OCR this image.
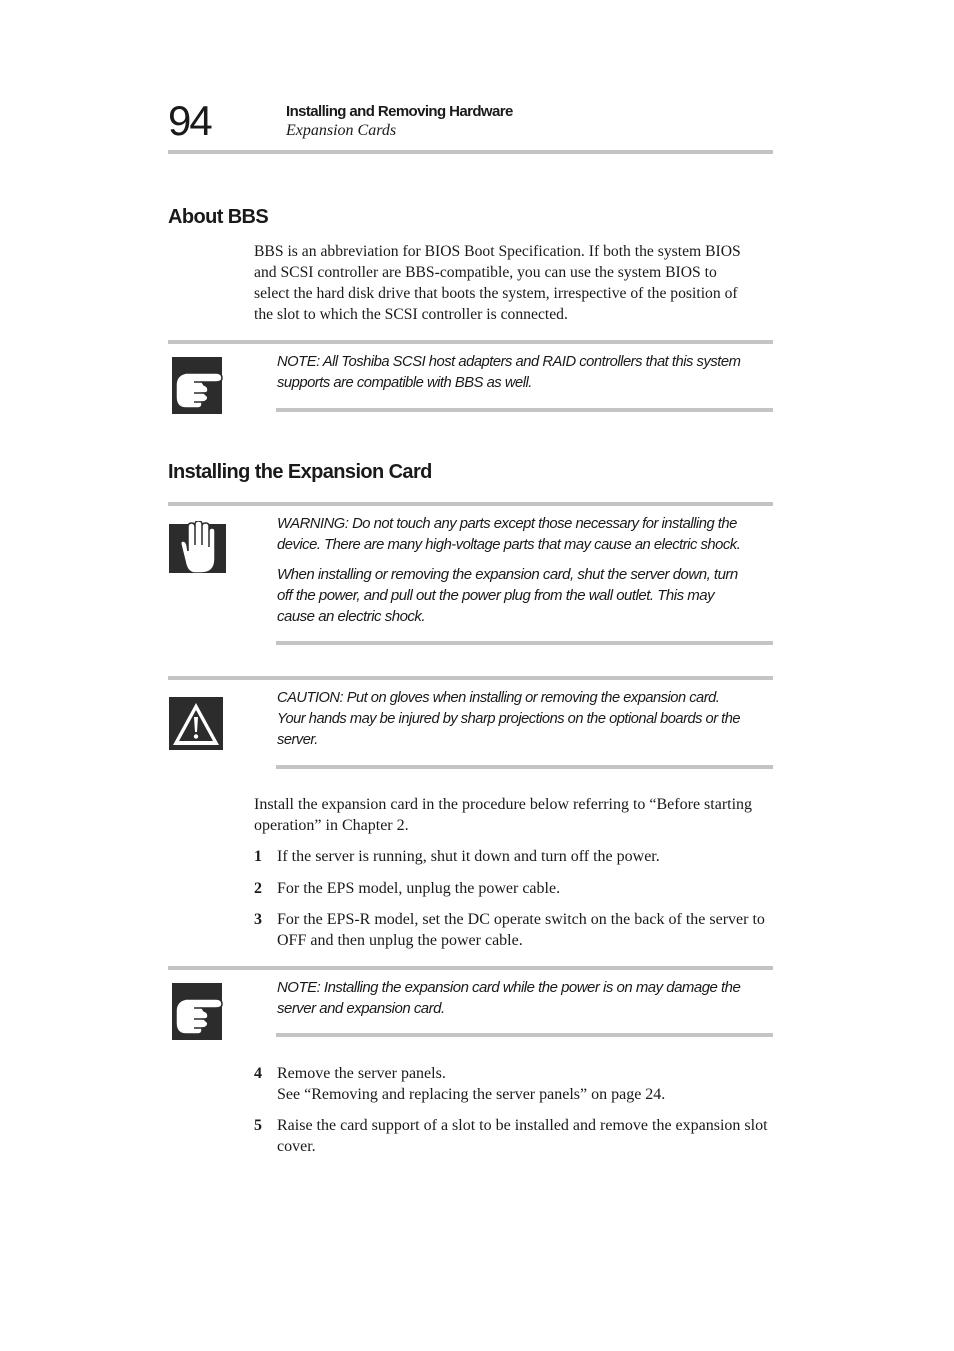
94	Installing and Removing Hardware
Expansion Cards
About BBS
BBS is an abbreviation for BIOS Boot Specification. If both the system BIOS
and SCSI controller are BBS-compatible, you can use the system BIOS to
select the hard disk drive that boots the system, irrespective of the position of
the slot to which the SCSI controller is connected.
NOTE: All Toshiba SCSI host adapters and RAID controllers that this system
supports are compatible with BBS as well.
Installing the Expansion Card
WARNING: Do not touch any parts except those necessary for installing the
device. There are many high-voltage parts that may cause an electric shock.
When installing or removing the expansion card, shut the server down, turn
off the power, and pull out the power plug from the wall outlet. This may
cause an electric shock.
CAUTION: Put on gloves when installing or removing the expansion card.
Your hands may be injured by sharp projections on the optional boards or the
server.
Install the expansion card in the procedure below referring to “Before starting
operation” in Chapter 2.
1 If the server is running, shut it down and turn off the power.
2 For the EPS model, unplug the power cable.
3 For the EPS-R model, set the DC operate switch on the back of the server to
OFF and then unplug the power cable.
NOTE: Installing the expansion card while the power is on may damage the
server and expansion card.
4 Remove the server panels.
See “Removing and replacing the server panels” on page 24.
5 Raise the card support of a slot to be installed and remove the expansion slot
cover.
